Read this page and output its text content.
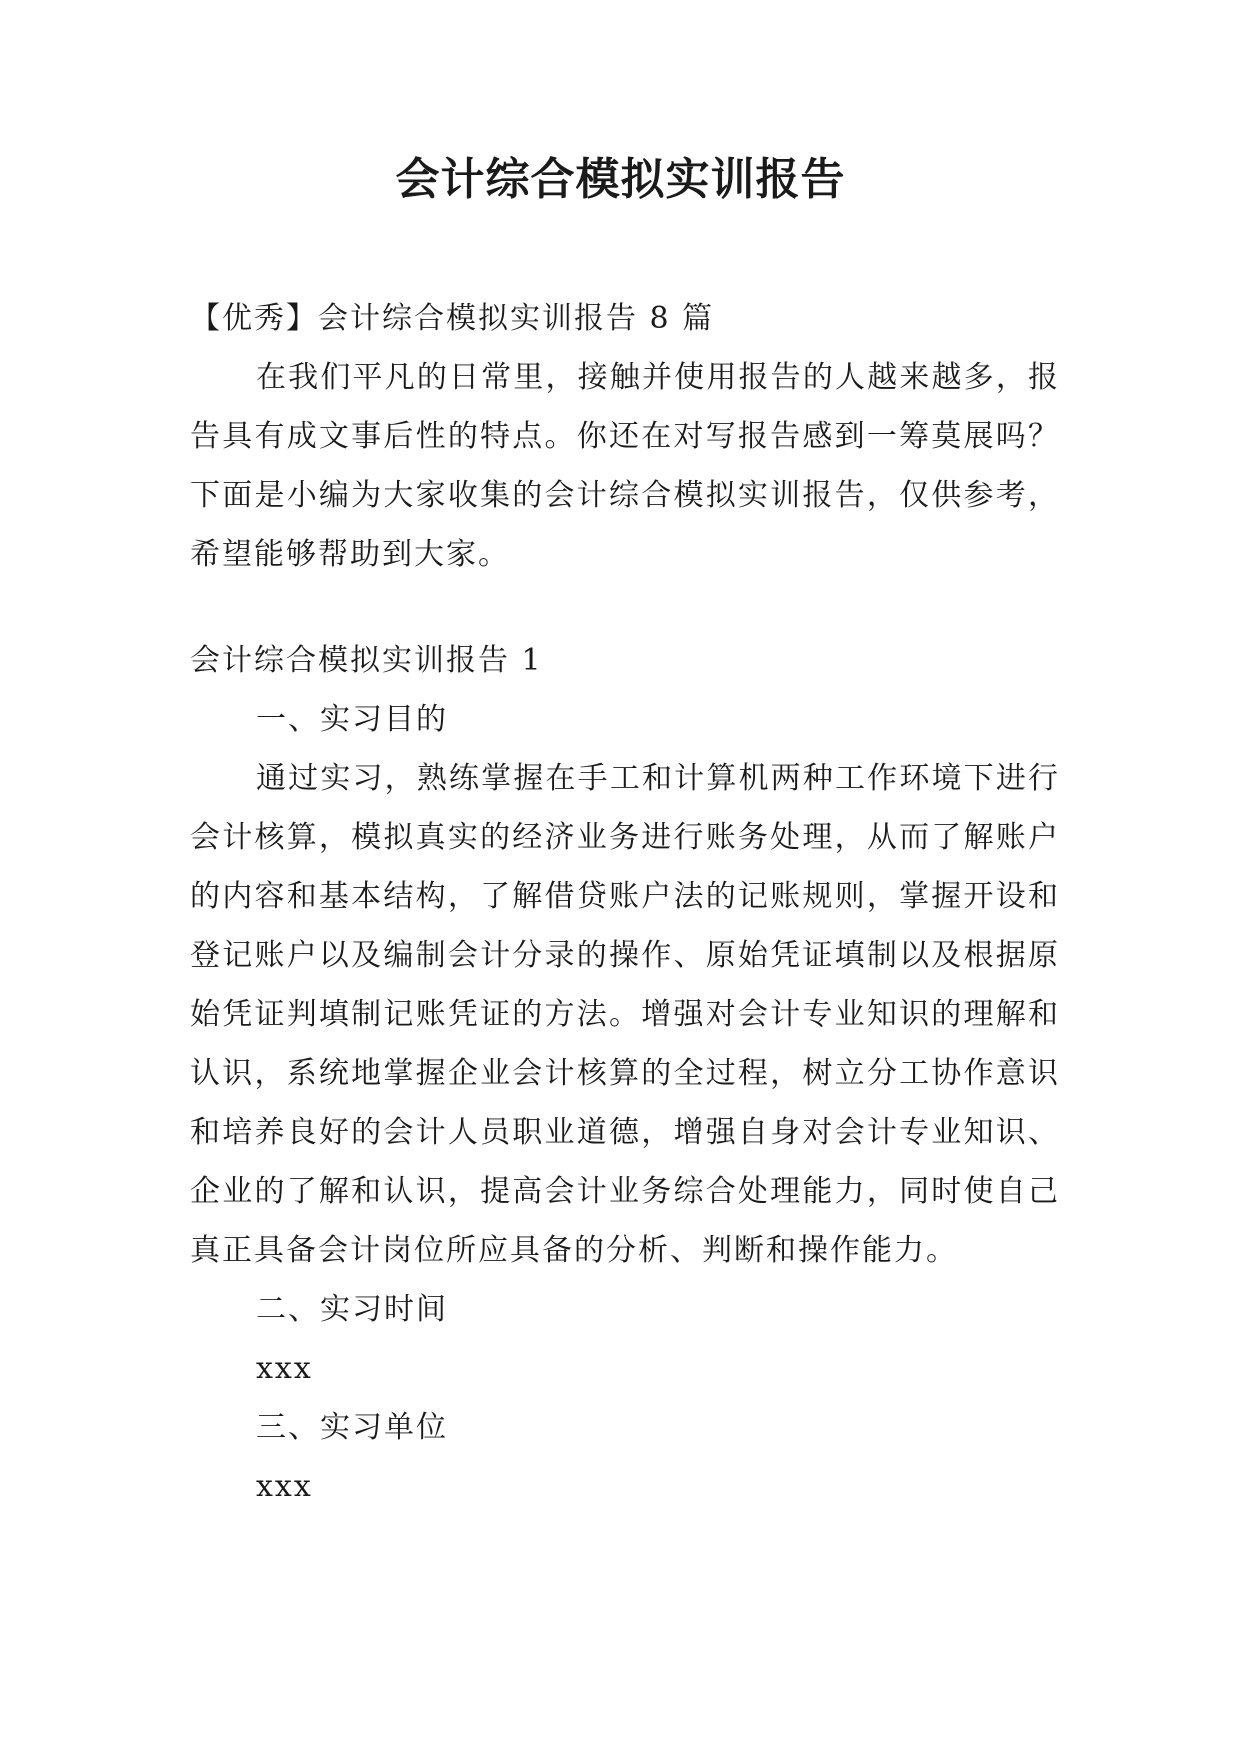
会计综合模拟实训报告

【优秀】会计综合模拟实训报告 8 篇

在我们平凡的日常里，接触并使用报告的人越来越多，报告具有成文事后性的特点。你还在对写报告感到一筹莫展吗？下面是小编为大家收集的会计综合模拟实训报告，仅供参考，希望能够帮助到大家。

会计综合模拟实训报告 1

一、实习目的

通过实习，熟练掌握在手工和计算机两种工作环境下进行会计核算，模拟真实的经济业务进行账务处理，从而了解账户的内容和基本结构，了解借贷账户法的记账规则，掌握开设和登记账户以及编制会计分录的操作、原始凭证填制以及根据原始凭证判填制记账凭证的方法。增强对会计专业知识的理解和认识，系统地掌握企业会计核算的全过程，树立分工协作意识和培养良好的会计人员职业道德，增强自身对会计专业知识、企业的了解和认识，提高会计业务综合处理能力，同时使自己真正具备会计岗位所应具备的分析、判断和操作能力。

二、实习时间

xxx

三、实习单位

xxx
